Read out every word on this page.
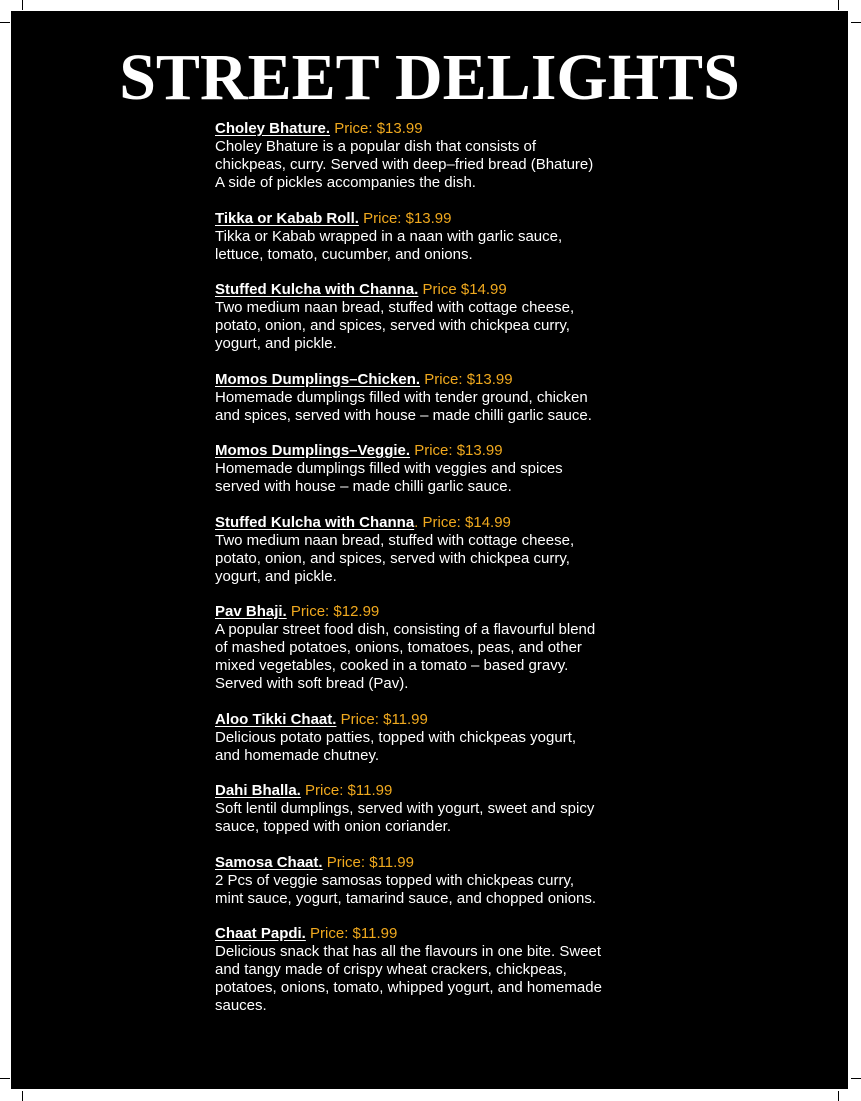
STREET DELIGHTS
Choley Bhature. Price: $13.99
Choley Bhature is a popular dish that consists of
chickpeas, curry. Served with deep–fried bread (Bhature)
A side of pickles accompanies the dish.
Tikka or Kabab Roll. Price: $13.99
Tikka or Kabab wrapped in a naan with garlic sauce,
lettuce, tomato, cucumber, and onions.
Stuffed Kulcha with Channa. Price $14.99
Two medium naan bread, stuffed with cottage cheese,
potato, onion, and spices, served with chickpea curry,
yogurt, and pickle.
Momos Dumplings–Chicken. Price: $13.99
Homemade dumplings filled with tender ground, chicken
and spices, served with house – made chilli garlic sauce.
Momos Dumplings–Veggie. Price: $13.99
Homemade dumplings filled with veggies and spices
served with house – made chilli garlic sauce.
Stuffed Kulcha with Channa. Price: $14.99
Two medium naan bread, stuffed with cottage cheese,
potato, onion, and spices, served with chickpea curry,
yogurt, and pickle.
Pav Bhaji. Price: $12.99
A popular street food dish, consisting of a flavourful blend
of mashed potatoes, onions, tomatoes, peas, and other
mixed vegetables, cooked in a tomato – based gravy.
Served with soft bread (Pav).
Aloo Tikki Chaat. Price: $11.99
Delicious potato patties, topped with chickpeas yogurt,
and homemade chutney.
Dahi Bhalla. Price: $11.99
Soft lentil dumplings, served with yogurt, sweet and spicy
sauce, topped with onion coriander.
Samosa Chaat. Price: $11.99
2 Pcs of veggie samosas topped with chickpeas curry,
mint sauce, yogurt, tamarind sauce, and chopped onions.
Chaat Papdi. Price: $11.99
Delicious snack that has all the flavours in one bite. Sweet
and tangy made of crispy wheat crackers, chickpeas,
potatoes, onions, tomato, whipped yogurt, and homemade
sauces.
